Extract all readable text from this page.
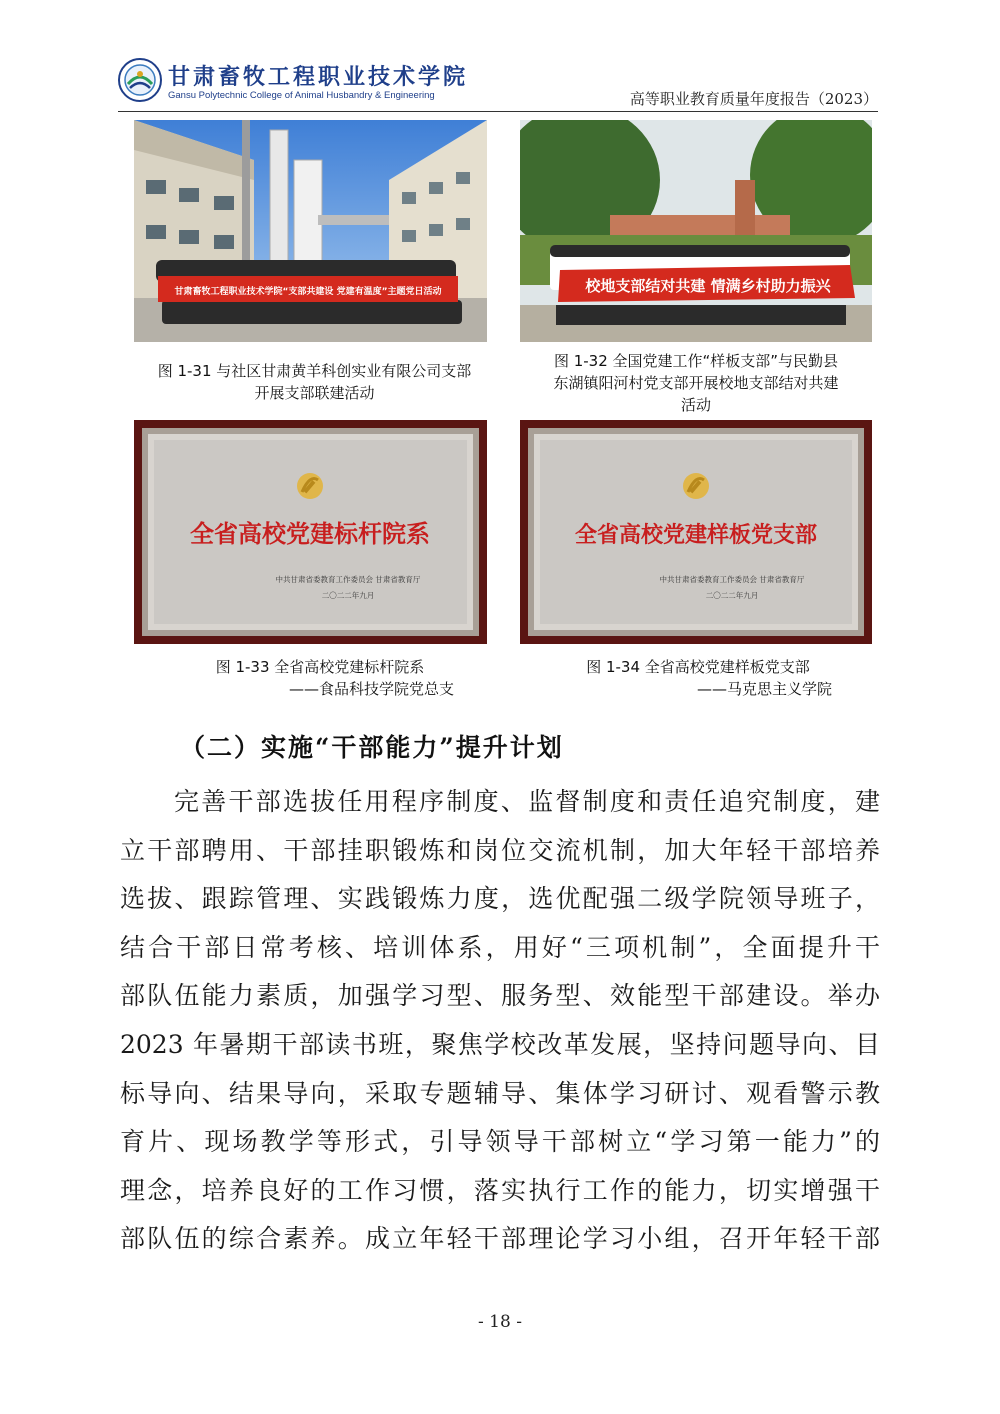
甘肃畜牧工程职业技术学院
Gansu Polytechnic College of Animal Husbandry & Engineering	高等职业教育质量年度报告（2023）
甘肃畜牧工程职业技术学院“支部共建设 党建有温度”主题党日活动
图 1-31 与社区甘肃黄羊科创实业有限公司支部
开展支部联建活动
校地支部结对共建 情满乡村助力振兴
图 1-32 全国党建工作“样板支部”与民勤县
东湖镇阳河村党支部开展校地支部结对共建
活动
全省高校党建标杆院系
中共甘肃省委教育工作委员会 甘肃省教育厅
二〇二二年九月
图 1-33 全省高校党建标杆院系
——食品科技学院党总支
全省高校党建样板党支部
中共甘肃省委教育工作委员会 甘肃省教育厅
二〇二二年九月
图 1-34 全省高校党建样板党支部
——马克思主义学院
（二）实施“干部能力”提升计划
完善干部选拔任用程序制度、监督制度和责任追究制度，建
立干部聘用、干部挂职锻炼和岗位交流机制，加大年轻干部培养
选拔、跟踪管理、实践锻炼力度，选优配强二级学院领导班子，
结合干部日常考核、培训体系，用好“三项机制”，全面提升干
部队伍能力素质，加强学习型、服务型、效能型干部建设。举办
2023 年暑期干部读书班，聚焦学校改革发展，坚持问题导向、目
标导向、结果导向，采取专题辅导、集体学习研讨、观看警示教
育片、现场教学等形式，引导领导干部树立“学习第一能力”的
理念，培养良好的工作习惯，落实执行工作的能力，切实增强干
部队伍的综合素养。成立年轻干部理论学习小组，召开年轻干部
- 18 -
